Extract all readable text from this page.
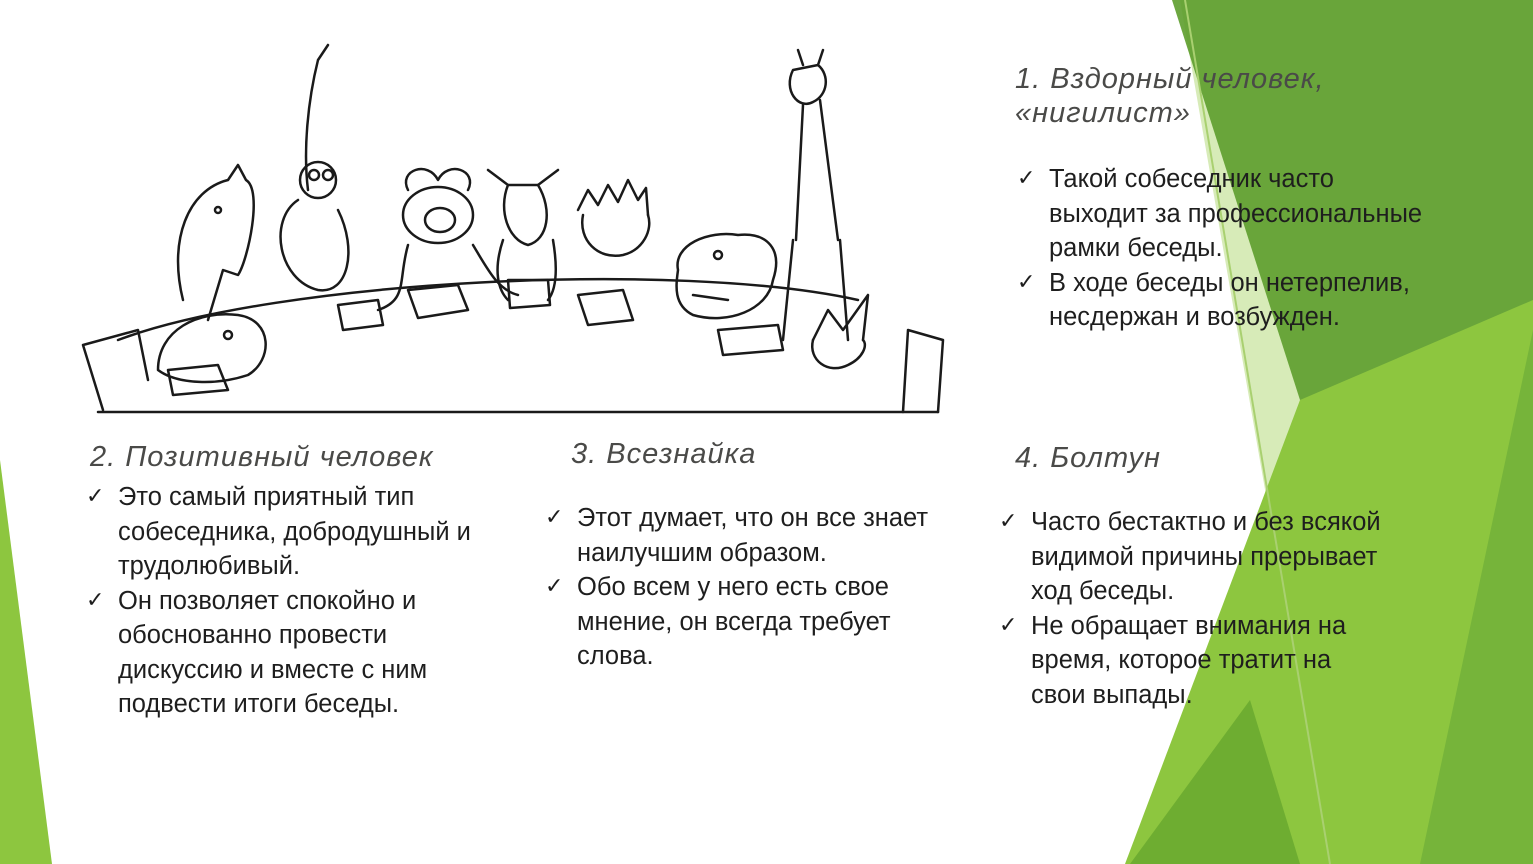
1. Вздорный человек, «нигилист»
✓ Такой собеседник часто выходит за профессиональные рамки беседы.
✓ В ходе беседы он нетерпелив, несдержан и возбужден.
2. Позитивный человек
✓ Это самый приятный тип собеседника, добродушный и трудолюбивый.
✓ Он позволяет спокойно и обоснованно провести дискуссию и вместе с ним подвести итоги беседы.
3. Всезнайка
✓ Этот думает, что он все знает наилучшим образом.
✓ Обо всем у него есть свое мнение, он всегда требует слова.
4. Болтун
✓ Часто бестактно и без всякой видимой причины прерывает ход беседы.
✓ Не обращает внимания на время, которое тратит на свои выпады.
